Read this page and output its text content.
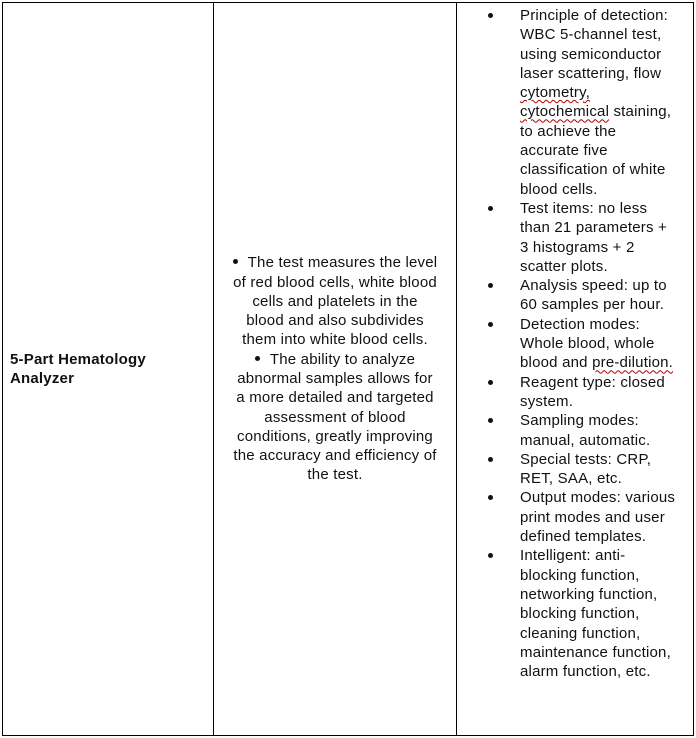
5-Part Hematology Analyzer

The test measures the level of red blood cells, white blood cells and platelets in the blood and also subdivides them into white blood cells.

The ability to analyze abnormal samples allows for a more detailed and targeted assessment of blood conditions, greatly improving the accuracy and efficiency of the test.

Principle of detection: WBC 5-channel test, using semiconductor laser scattering, flow cytometry, cytochemical staining, to achieve the accurate five classification of white blood cells.
Test items: no less than 21 parameters + 3 histograms + 2 scatter plots.
Analysis speed: up to 60 samples per hour.
Detection modes: Whole blood, whole blood and pre-dilution.
Reagent type: closed system.
Sampling modes: manual, automatic.
Special tests: CRP, RET, SAA, etc.
Output modes: various print modes and user defined templates.
Intelligent: anti-blocking function, networking function, blocking function, cleaning function, maintenance function, alarm function, etc.
